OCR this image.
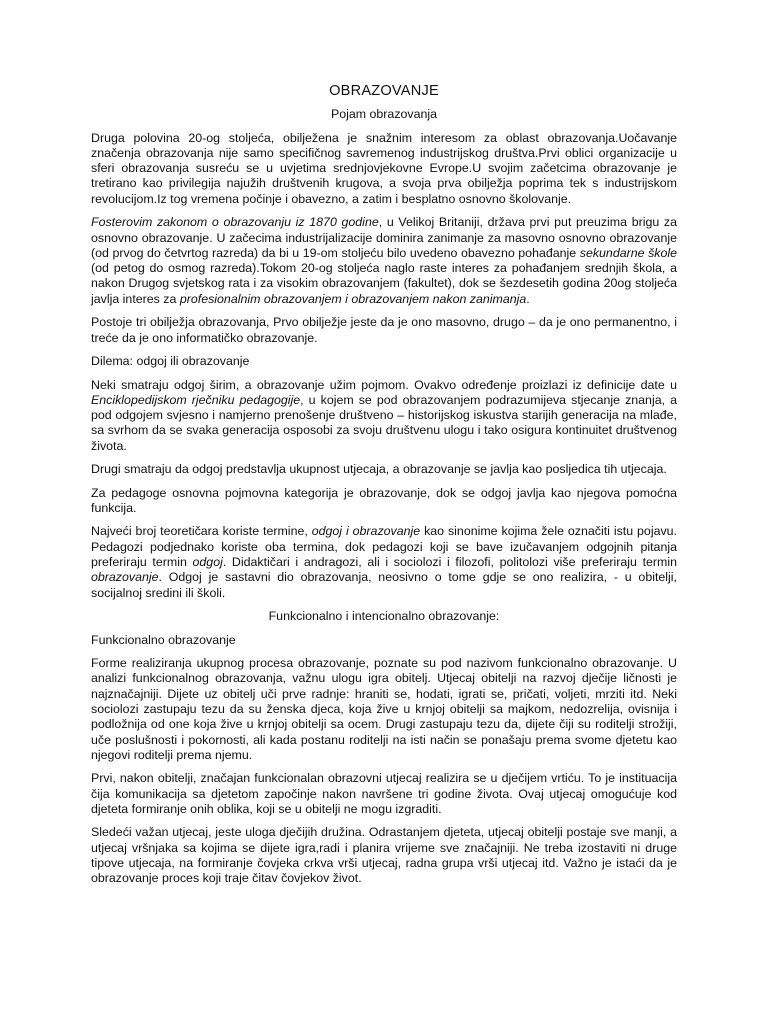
OBRAZOVANJE
Pojam obrazovanja

Druga polovina 20-og stoljeća, obilježena je snažnim interesom za oblast obrazovanja.Uočavanje značenja obrazovanja nije samo specifičnog savremenog industrijskog društva.Prvi oblici organizacije u sferi obrazovanja susreću se u uvjetima srednjovjekovne Evrope.U svojim začetcima obrazovanje je tretirano kao privilegija najužih društvenih krugova, a svoja prva obilježja poprima tek s industrijskom revolucijom.Iz tog vremena počinje i obavezno, a zatim i besplatno osnovno školovanje.

Fosterovim zakonom o obrazovanju iz 1870 godine, u Velikoj Britaniji, država prvi put preuzima brigu za osnovno obrazovanje. U začecima industrijalizacije dominira zanimanje za masovno osnovno obrazovanje (od prvog do četvrtog razreda) da bi u 19-om stoljeću bilo uvedeno obavezno pohađanje sekundarne škole (od petog do osmog razreda).Tokom 20-og stoljeća naglo raste interes za pohađanjem srednjih škola, a nakon Drugog svjetskog rata i za visokim obrazovanjem (fakultet), dok se šezdesetih godina 20og stoljeća javlja interes za profesionalnim obrazovanjem i obrazovanjem nakon zanimanja.

Postoje tri obilježja obrazovanja, Prvo obilježje jeste da je ono masovno, drugo – da je ono permanentno, i treće da je ono informatičko obrazovanje.

Dilema: odgoj ili obrazovanje

Neki smatraju odgoj širim, a obrazovanje užim pojmom. Ovakvo određenje proizlazi iz definicije date u Enciklopedijskom rječniku pedagogije, u kojem se pod obrazovanjem podrazumijeva stjecanje znanja, a pod odgojem svjesno i namjerno prenošenje društveno – historijskog iskustva starijih generacija na mlađe, sa svrhom da se svaka generacija osposobi za svoju društvenu ulogu i tako osigura kontinuitet društvenog života.

Drugi smatraju da odgoj predstavlja ukupnost utjecaja, a obrazovanje se javlja kao posljedica tih utjecaja.

Za pedagoge osnovna pojmovna kategorija je obrazovanje, dok se odgoj javlja kao njegova pomoćna funkcija.

Najveći broj teoretičara koriste termine, odgoj i obrazovanje kao sinonime kojima žele označiti istu pojavu. Pedagozi podjednako koriste oba termina, dok pedagozi koji se bave izučavanjem odgojnih pitanja preferiraju termin odgoj. Didaktičari i andragozi, ali i sociolozi i filozofi, politolozi više preferiraju termin obrazovanje. Odgoj je sastavni dio obrazovanja, neosivno o tome gdje se ono realizira, - u obitelji, socijalnoj sredini ili školi.

Funkcionalno i intencionalno obrazovanje:

Funkcionalno obrazovanje

Forme realiziranja ukupnog procesa obrazovanje, poznate su pod nazivom funkcionalno obrazovanje. U analizi funkcionalnog obrazovanja, važnu ulogu igra obitelj. Utjecaj obitelji na razvoj dječije ličnosti je najznačajniji. Dijete uz obitelj uči prve radnje: hraniti se, hodati, igrati se, pričati, voljeti, mrziti itd. Neki sociolozi zastupaju tezu da su ženska djeca, koja žive u krnjoj obitelji sa majkom, nedozrelija, ovisnija i podložnija od one koja žive u krnjoj obitelji sa ocem. Drugi zastupaju tezu da, dijete čiji su roditelji strožiji, uče poslušnosti i pokornosti, ali kada postanu roditelji na isti način se ponašaju prema svome djetetu kao njegovi roditelji prema njemu.

Prvi, nakon obitelji, značajan funkcionalan obrazovni utjecaj realizira se u dječijem vrtiću. To je instituacija čija komunikacija sa djetetom započinje nakon navršene tri godine života. Ovaj utjecaj omogućuje kod djeteta formiranje onih oblika, koji se u obitelji ne mogu izgraditi.

Sledeći važan utjecaj, jeste uloga dječijih družina. Odrastanjem djeteta, utjecaj obitelji postaje sve manji, a utjecaj vršnjaka sa kojima se dijete igra,radi i planira vrijeme sve značajniji. Ne treba izostaviti ni druge tipove utjecaja, na formiranje čovjeka crkva vrši utjecaj, radna grupa vrši utjecaj itd. Važno je istaći da je obrazovanje proces koji traje čitav čovjekov život.
